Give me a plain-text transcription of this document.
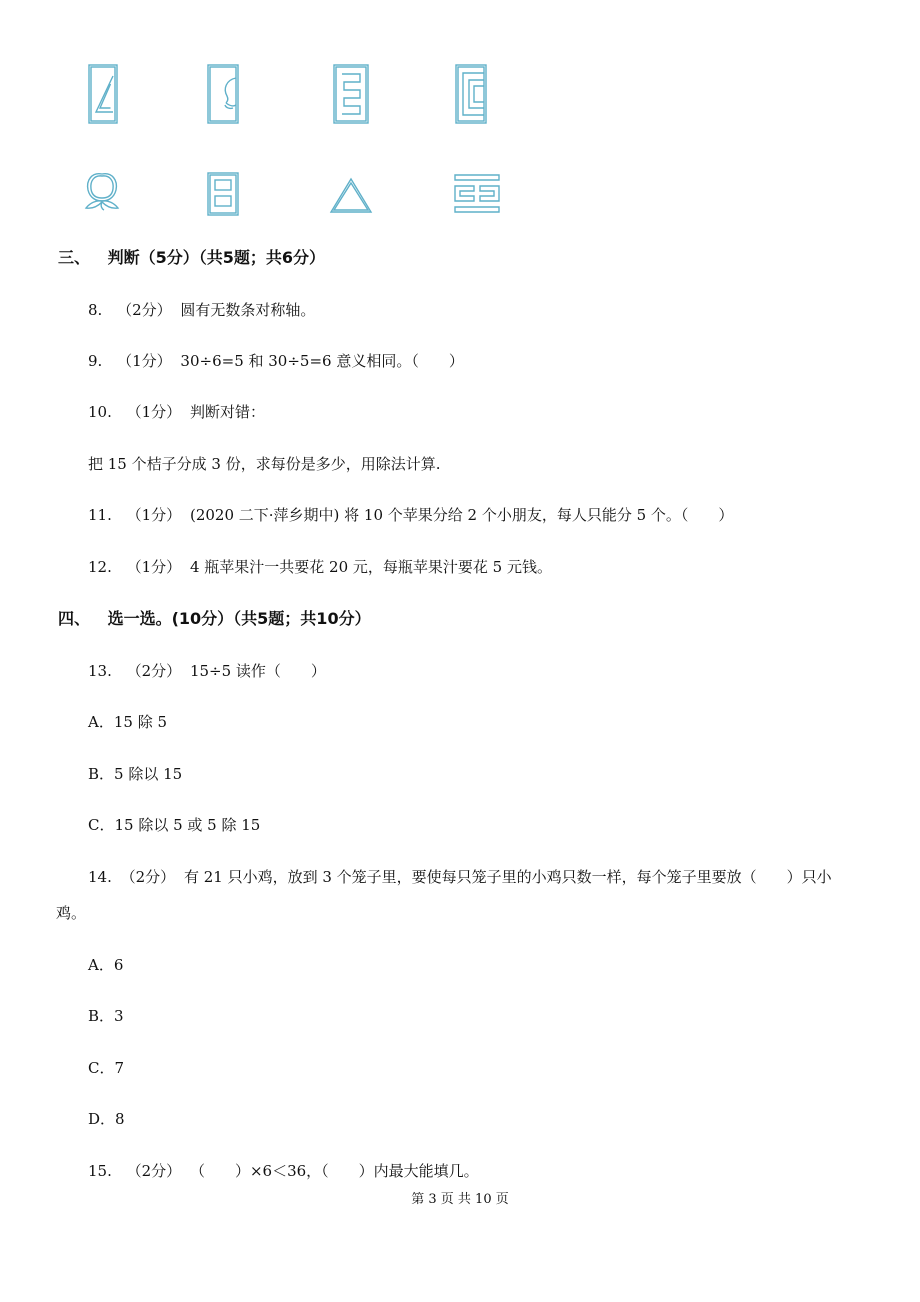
三、 判断（5分）（共5题；共6分）
8. （2分） 圆有无数条对称轴。
9. （1分） 30÷6=5 和 30÷5=6 意义相同。（　　）
10. （1分） 判断对错：
把 15 个桔子分成 3 份，求每份是多少，用除法计算.
11. （1分） (2020 二下·萍乡期中) 将 10 个苹果分给 2 个小朋友，每人只能分 5 个。（　　）
12. （1分） 4 瓶苹果汁一共要花 20 元，每瓶苹果汁要花 5 元钱。
四、 选一选。(10分）（共5题；共10分）
13. （2分） 15÷5 读作（　　）
A．15 除 5
B．5 除以 15
C．15 除以 5 或 5 除 15
14. （2分） 有 21 只小鸡，放到 3 个笼子里，要使每只笼子里的小鸡只数一样，每个笼子里要放（　　）只小
鸡。
A．6
B．3
C．7
D．8
15. （2分） （　　）×6＜36，（　　）内最大能填几。
第 3 页 共 10 页
